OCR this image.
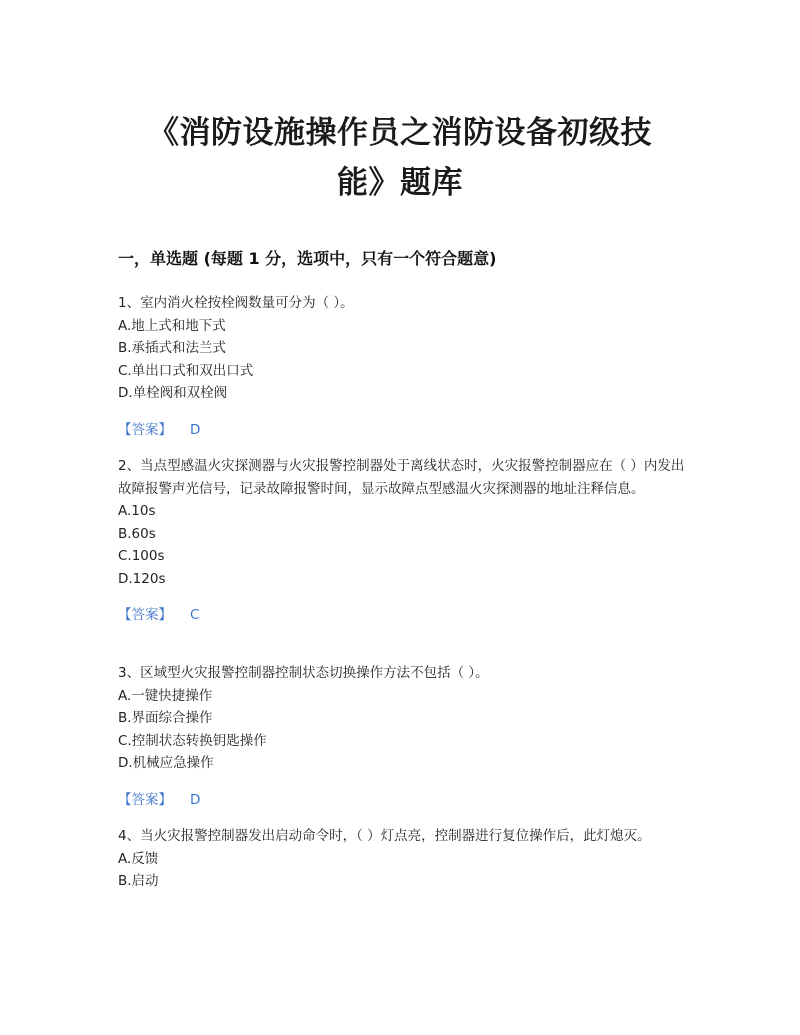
《消防设施操作员之消防设备初级技
能》题库
一，单选题 (每题 1 分，选项中，只有一个符合题意)
1、室内消火栓按栓阀数量可分为（ ）。
A.地上式和地下式
B.承插式和法兰式
C.单出口式和双出口式
D.单栓阀和双栓阀
【答案】 D
2、当点型感温火灾探测器与火灾报警控制器处于离线状态时，火灾报警控制器应在（ ）内发出故障报警声光信号，记录故障报警时间，显示故障点型感温火灾探测器的地址注释信息。
A.10s
B.60s
C.100s
D.120s
【答案】 C
3、区域型火灾报警控制器控制状态切换操作方法不包括（ ）。
A.一键快捷操作
B.界面综合操作
C.控制状态转换钥匙操作
D.机械应急操作
【答案】 D
4、当火灾报警控制器发出启动命令时，（ ）灯点亮，控制器进行复位操作后，此灯熄灭。
A.反馈
B.启动
